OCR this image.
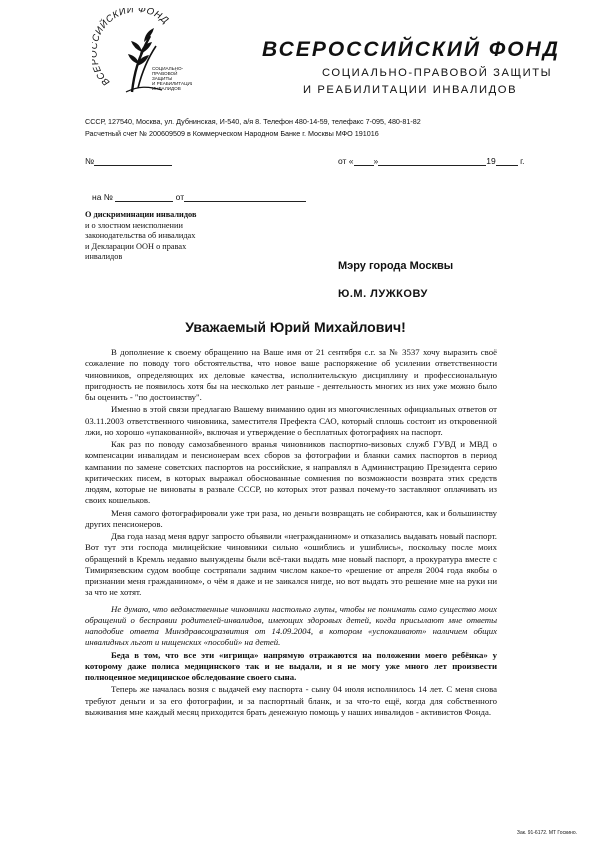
ВСЕ ИЙСКИЙ ФОНД
СОЦИАЛЬНО-
ПРАВОВОЙ
ЗАЩИТЫ
И РЕАБИЛИТАЦИИ
ИНВАЛИДОВ
ВСЕРОССИЙСКИЙ ФОНД
СОЦИАЛЬНО-ПРАВОВОЙ ЗАЩИТЫ
И РЕАБИЛИТАЦИИ ИНВАЛИДОВ
СССР, 127540, Москва, ул. Дубнинская, И-540, а/я 8. Телефон 480-14-59, телефакс 7-095, 480-81-82
Расчетный счет № 200609509 в Коммерческом Народном Банке г. Москвы МФО 191016
№	от « »	19	г.
на №	от
О дискриминации инвалидов
и о злостном неисполнении
законодательства об инвалидах
и Декларации ООН о правах
инвалидов
Мэру города Москвы
Ю.М. ЛУЖКОВУ
Уважаемый Юрий Михайлович!

В дополнение к своему обращению на Ваше имя от 21 сентября с.г. за № 3537 хочу выразить своё сожаление по поводу того обстоятельства, что новое ваше распоряжение об усилении ответственности чиновников, определяющих их деловые качества, исполнительскую дисциплину и профессиональную пригодность не появилось хотя бы на несколько лет раньше - деятельность многих из них уже можно было бы оценить - "по достоинству".

Именно в этой связи предлагаю Вашему вниманию один из многочисленных официальных ответов от 03.11.2003 ответственного чиновника, заместителя Префекта САО, который сплошь состоит из откровенной лжи, но хорошо «упакованной», включая и утверждение о бесплатных фотографиях на паспорт.

Как раз по поводу самозабвенного вранья чиновников паспортно-визовых служб ГУВД и МВД о компенсации инвалидам и пенсионерам всех сборов за фотографии и бланки самих паспортов в период кампании по замене советских паспортов на российские, я направлял в Администрацию Президента серию критических писем, в которых выражал обоснованные сомнения по возможности возврата этих средств людям, которые не виноваты в развале СССР, но которых этот развал почему-то заставляют оплачивать из своих кошельков.

Меня самого фотографировали уже три раза, но деньги возвращать не собираются, как и большинству других пенсионеров.

Два года назад меня вдруг запросто объявили «негражданином» и отказались выдавать новый паспорт. Вот тут эти господа милицейские чиновники сильно «ошиблись и ушиблись», поскольку после моих обращений в Кремль недавно вынуждены были всё-таки выдать мне новый паспорт, а прокуратура вместе с Тимирязевским судом вообще состряпали задним числом какое-то «решение от апреля 2004 года якобы о признании меня гражданином», о чём я даже и не заикался нигде, но вот выдать это решение мне на руки ни за что не хотят.

Не думаю, что ведомственные чиновники настолько глупы, чтобы не понимать само существо моих обращений о бесправии родителей-инвалидов, имеющих здоровых детей, когда присылают мне ответы наподобие ответа Минздравсоцразвития от 14.09.2004, в котором «успокаивают» наличием общих инвалидных льгот и нищенских «пособий» на детей.

Беда в том, что все эти «игрища» напрямую отражаются на положении моего ребёнка» у которому даже полиса медицинского так и не выдали, и я не могу уже много лет произвести полноценное медицинское обследование своего сына.

Теперь же началась возня с выдачей ему паспорта - сыну 04 июля исполнилось 14 лет. С меня снова требуют деньги и за его фотографии, и за паспортный бланк, и за что-то ещё, когда для собственного выживания мне каждый месяц приходится брать денежную помощь у наших инвалидов - активистов Фонда.

Зак. 91-6172. МТ Госкино.
